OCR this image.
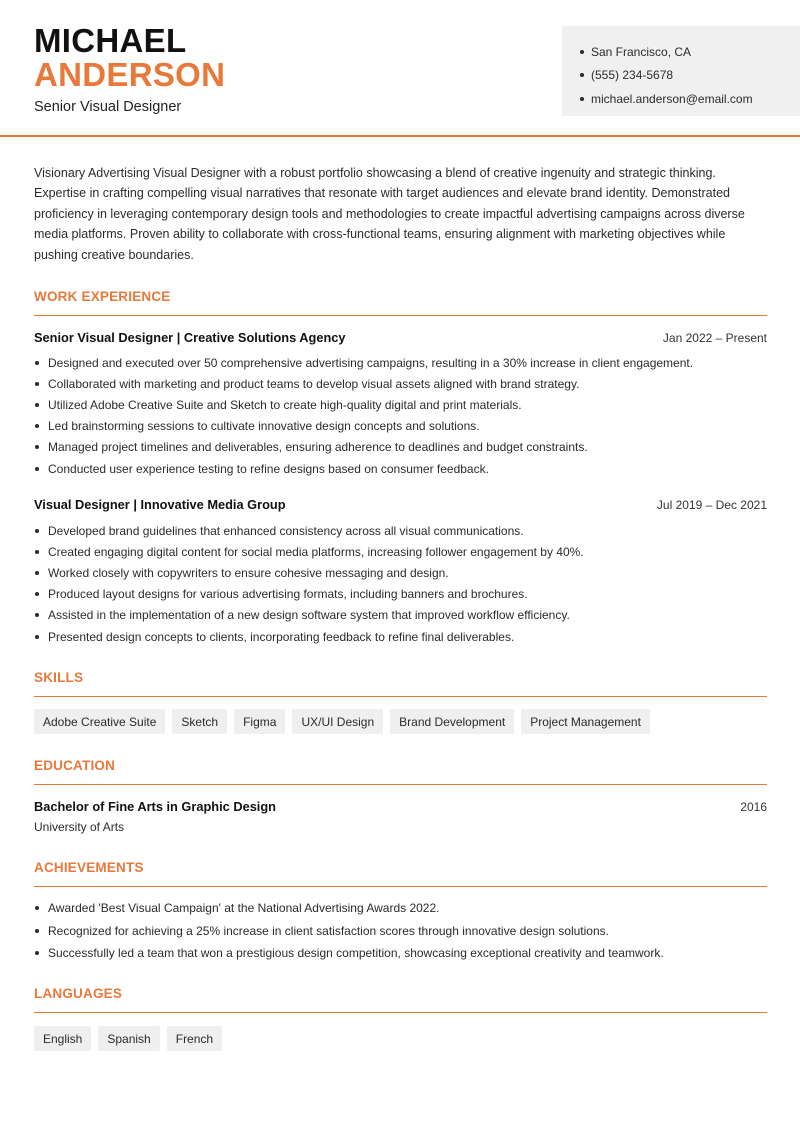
MICHAEL
ANDERSON
Senior Visual Designer
San Francisco, CA
(555) 234-5678
michael.anderson@email.com

Visionary Advertising Visual Designer with a robust portfolio showcasing a blend of creative ingenuity and strategic thinking. Expertise in crafting compelling visual narratives that resonate with target audiences and elevate brand identity. Demonstrated proficiency in leveraging contemporary design tools and methodologies to create impactful advertising campaigns across diverse media platforms. Proven ability to collaborate with cross-functional teams, ensuring alignment with marketing objectives while pushing creative boundaries.

WORK EXPERIENCE
Senior Visual Designer | Creative Solutions Agency	Jan 2022 – Present
Designed and executed over 50 comprehensive advertising campaigns, resulting in a 30% increase in client engagement.
Collaborated with marketing and product teams to develop visual assets aligned with brand strategy.
Utilized Adobe Creative Suite and Sketch to create high-quality digital and print materials.
Led brainstorming sessions to cultivate innovative design concepts and solutions.
Managed project timelines and deliverables, ensuring adherence to deadlines and budget constraints.
Conducted user experience testing to refine designs based on consumer feedback.
Visual Designer | Innovative Media Group	Jul 2019 – Dec 2021
Developed brand guidelines that enhanced consistency across all visual communications.
Created engaging digital content for social media platforms, increasing follower engagement by 40%.
Worked closely with copywriters to ensure cohesive messaging and design.
Produced layout designs for various advertising formats, including banners and brochures.
Assisted in the implementation of a new design software system that improved workflow efficiency.
Presented design concepts to clients, incorporating feedback to refine final deliverables.
SKILLS
Adobe Creative Suite	Sketch	Figma	UX/UI Design	Brand Development	Project Management
EDUCATION
Bachelor of Fine Arts in Graphic Design	2016
University of Arts
ACHIEVEMENTS
Awarded 'Best Visual Campaign' at the National Advertising Awards 2022.
Recognized for achieving a 25% increase in client satisfaction scores through innovative design solutions.
Successfully led a team that won a prestigious design competition, showcasing exceptional creativity and teamwork.
LANGUAGES
English	Spanish	French
